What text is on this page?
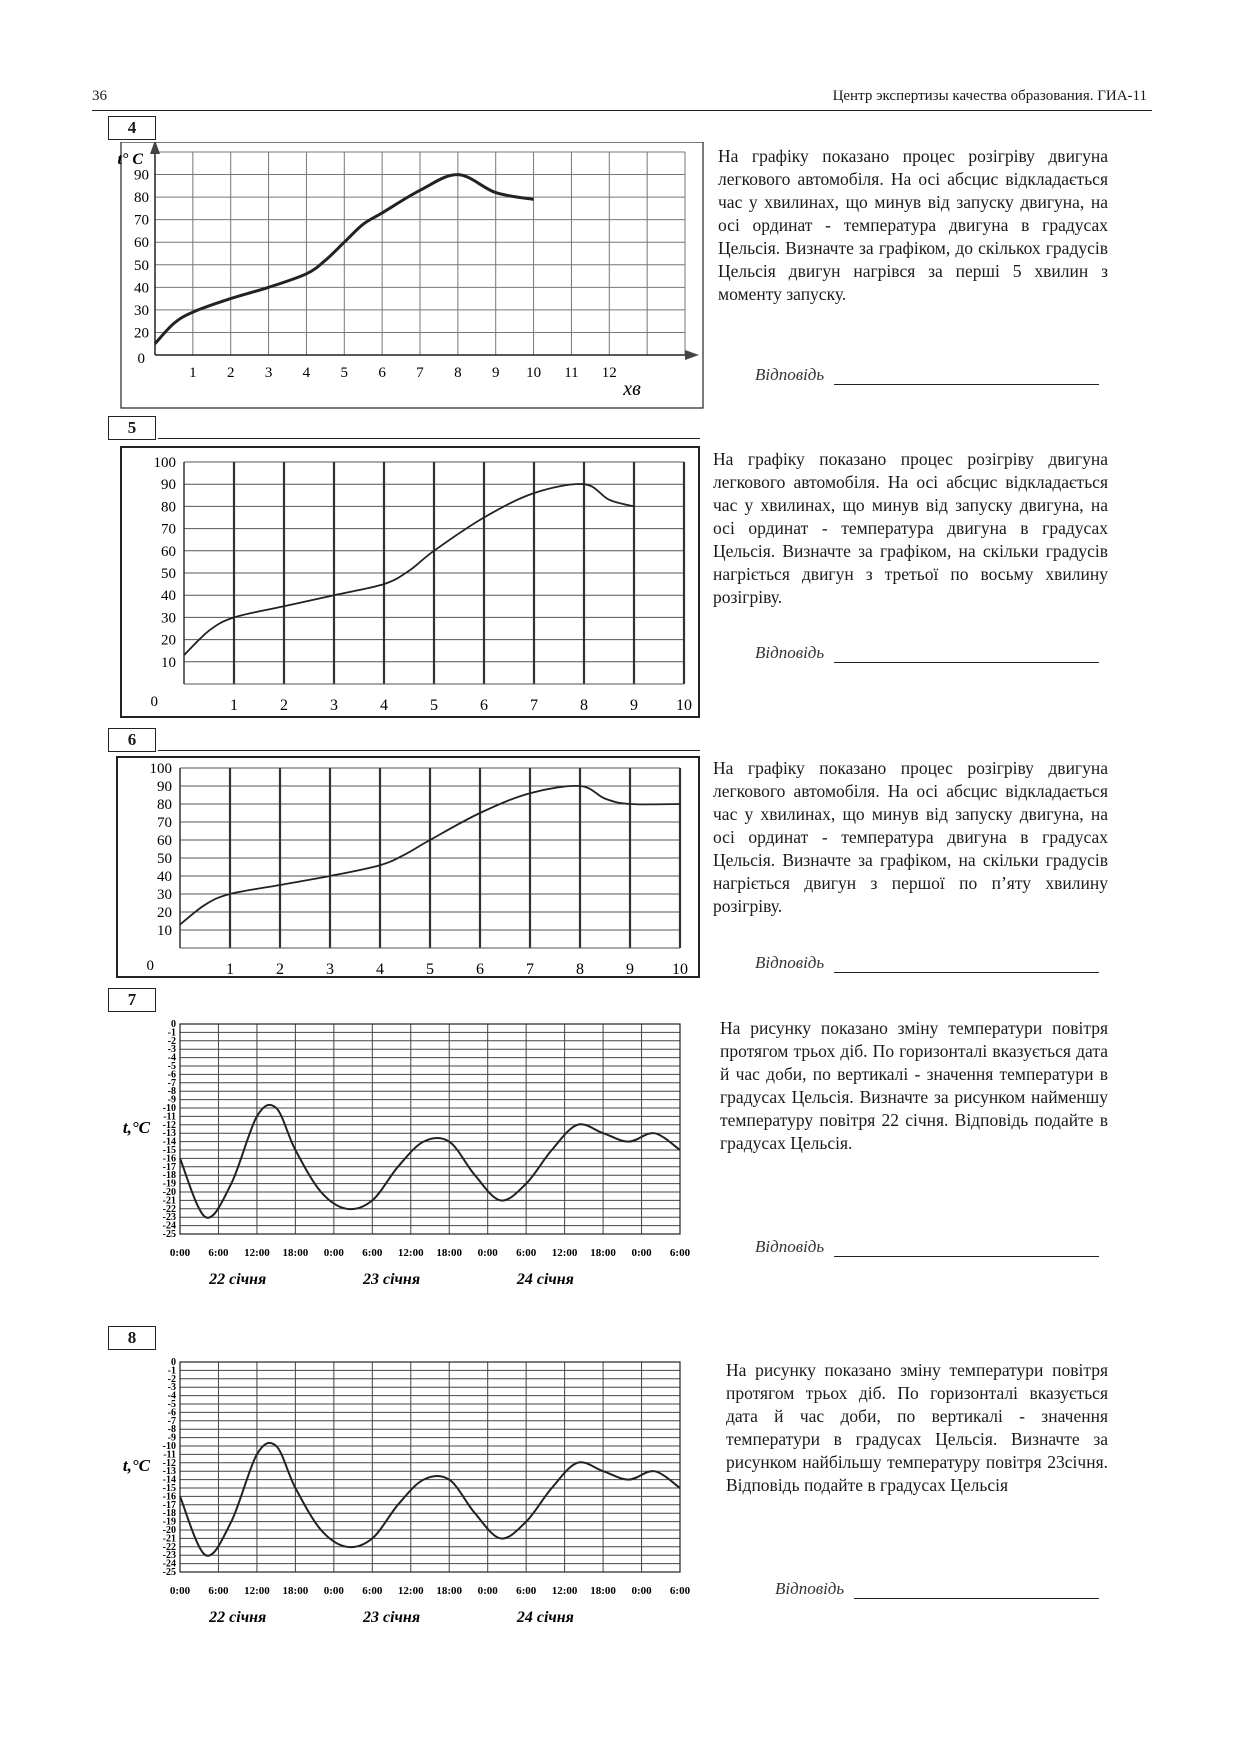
36	Центр экспертизы качества образования. ГИА-11
4
1 2 3 4 5 6 7 8 9 10 11 12
20
30
40
50
60
70
80
90
0
t° C
хв
На графіку показано процес розігріву двигуна легкового автомобіля. На осі абсцис відкладається час у хвилинах, що минув від запуску двигуна, на осі ординат - температура двигуна в градусах Цельсія. Визначте за графіком, до скількох градусів Цельсія двигун нагрівся за перші 5 хвилин з моменту запуску.
Відповідь
5
1	2	3	4	5	6	7	8	9 10
10
20
30
40
50
60
70
80
90
100
0
На графіку показано процес розігріву двигуна легкового автомобіля. На осі абсцис відкладається час у хвилинах, що минув від запуску двигуна, на осі ординат - температура двигуна в градусах Цельсія. Визначте за графіком, на скільки градусів нагріється двигун з третьої по восьму хвилину розігріву.
Відповідь
6
1	2	3	4	5	6	7	8	9 10
10
20
30
40
50
60
70
80
90
100
0
На графіку показано процес розігріву двигуна легкового автомобіля. На осі абсцис відкладається час у хвилинах, що минув від запуску двигуна, на осі ординат - температура двигуна в градусах Цельсія. Визначте за графіком, на скільки градусів нагріється двигун з першої по п’яту хвилину розігріву.
Відповідь
7
0
-1
-2
-3
-4
-5
-6
-7
-8
-9
-10
-11
-12
-13
-14
-15
-16
-17
-18
-19
-20
-21
-22
-23
-24
-25
0:00 6:00 12:00 18:00 0:00 6:00 12:00 18:00 0:00 6:00 12:00 18:00 0:00 6:00
22 січня	23 січня	24 січня
t,°C
На рисунку показано зміну температури повітря протягом трьох діб. По горизонталі вказується дата й час доби, по вертикалі - значення температури в градусах Цельсія. Визначте за рисунком найменшу температуру повітря 22 січня. Відповідь подайте в градусах Цельсія.
Відповідь
8
0
-1
-2
-3
-4
-5
-6
-7
-8
-9
-10
-11
-12
-13
-14
-15
-16
-17
-18
-19
-20
-21
-22
-23
-24
-25
0:00 6:00 12:00 18:00 0:00 6:00 12:00 18:00 0:00 6:00 12:00 18:00 0:00 6:00
22 січня	23 січня	24 січня
t,°C
На рисунку показано зміну температури повітря протягом трьох діб. По горизонталі вказується дата й час доби, по вертикалі - значення температури в градусах Цельсія. Визначте за рисунком найбільшу температуру повітря 23січня. Відповідь подайте в градусах Цельсія
Відповідь
